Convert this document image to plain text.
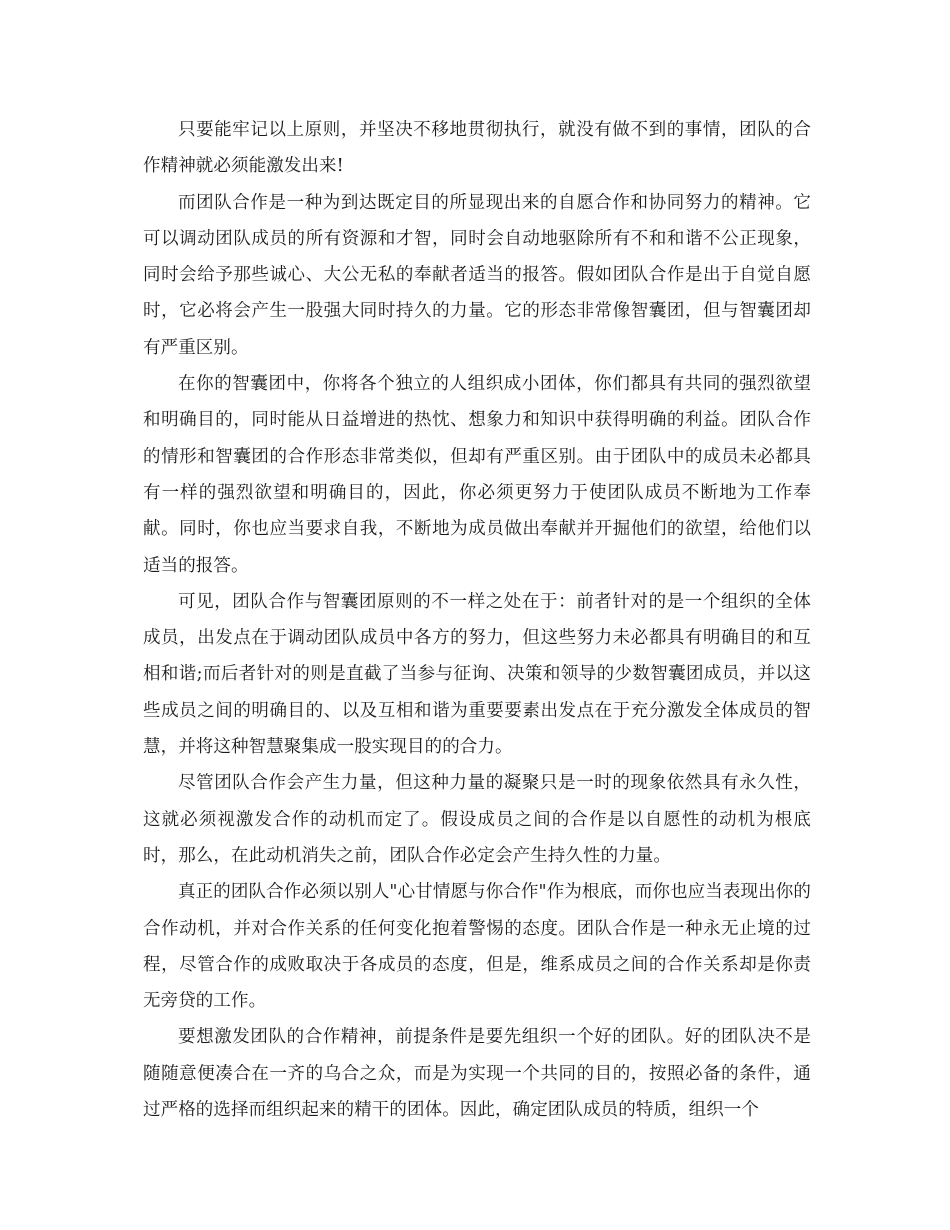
只要能牢记以上原则，并坚决不移地贯彻执行，就没有做不到的事情，团队的合作精神就必须能激发出来!

而团队合作是一种为到达既定目的所显现出来的自愿合作和协同努力的精神。它可以调动团队成员的所有资源和才智，同时会自动地驱除所有不和和谐不公正现象，同时会给予那些诚心、大公无私的奉献者适当的报答。假如团队合作是出于自觉自愿时，它必将会产生一股强大同时持久的力量。它的形态非常像智囊团，但与智囊团却有严重区别。

在你的智囊团中，你将各个独立的人组织成小团体，你们都具有共同的强烈欲望和明确目的，同时能从日益增进的热忱、想象力和知识中获得明确的利益。团队合作的情形和智囊团的合作形态非常类似，但却有严重区别。由于团队中的成员未必都具有一样的强烈欲望和明确目的，因此，你必须更努力于使团队成员不断地为工作奉献。同时，你也应当要求自我，不断地为成员做出奉献并开掘他们的欲望，给他们以适当的报答。

可见，团队合作与智囊团原则的不一样之处在于：前者针对的是一个组织的全体成员，出发点在于调动团队成员中各方的努力，但这些努力未必都具有明确目的和互相和谐;而后者针对的则是直截了当参与征询、决策和领导的少数智囊团成员，并以这些成员之间的明确目的、以及互相和谐为重要要素出发点在于充分激发全体成员的智慧，并将这种智慧聚集成一股实现目的的合力。

尽管团队合作会产生力量，但这种力量的凝聚只是一时的现象依然具有永久性，这就必须视激发合作的动机而定了。假设成员之间的合作是以自愿性的动机为根底时，那么，在此动机消失之前，团队合作必定会产生持久性的力量。

真正的团队合作必须以别人"心甘情愿与你合作"作为根底，而你也应当表现出你的合作动机，并对合作关系的任何变化抱着警惕的态度。团队合作是一种永无止境的过程，尽管合作的成败取决于各成员的态度，但是，维系成员之间的合作关系却是你责无旁贷的工作。

要想激发团队的合作精神，前提条件是要先组织一个好的团队。好的团队决不是随随意便凑合在一齐的乌合之众，而是为实现一个共同的目的，按照必备的条件，通过严格的选择而组织起来的精干的团体。因此，确定团队成员的特质，组织一个
